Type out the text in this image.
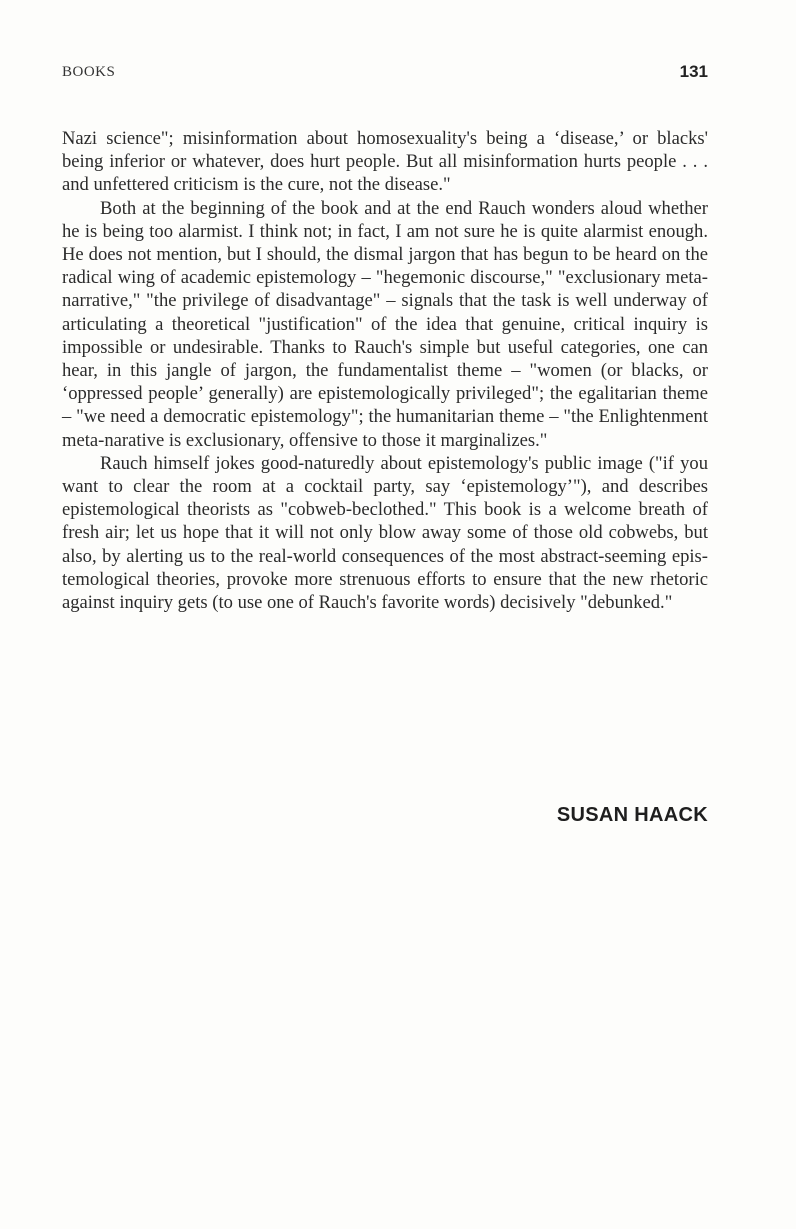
BOOKS	131

Nazi science"; misinformation about homosexuality's being a ‘disease,’ or blacks' being inferior or whatever, does hurt people. But all misinformation hurts people . . . and unfettered criticism is the cure, not the disease."

Both at the beginning of the book and at the end Rauch wonders aloud whether he is being too alarmist. I think not; in fact, I am not sure he is quite alarmist enough. He does not mention, but I should, the dismal jargon that has begun to be heard on the radical wing of academic epistemology – "hegemonic discourse," "exclusionary metanarrative," "the privilege of disadvantage" – signals that the task is well underway of articulating a theoretical "justification" of the idea that genuine, critical inquiry is impossible or undesirable. Thanks to Rauch's simple but useful categories, one can hear, in this jangle of jargon, the fundamentalist theme – "women (or blacks, or ‘oppressed people’ generally) are epistemologically privileged"; the egalitarian theme – "we need a democratic epistemology"; the humanitarian theme – "the Enlightenment meta-narative is exclusionary, offensive to those it marginalizes."

Rauch himself jokes good-naturedly about epistemology's public image ("if you want to clear the room at a cocktail party, say ‘epistemology’"), and describes epistemological theorists as "cobweb-beclothed." This book is a welcome breath of fresh air; let us hope that it will not only blow away some of those old cobwebs, but also, by alerting us to the real-world consequences of the most abstract-seeming epistemological theories, provoke more strenuous efforts to ensure that the new rhetoric against inquiry gets (to use one of Rauch's favorite words) decisively "debunked."

SUSAN HAACK
